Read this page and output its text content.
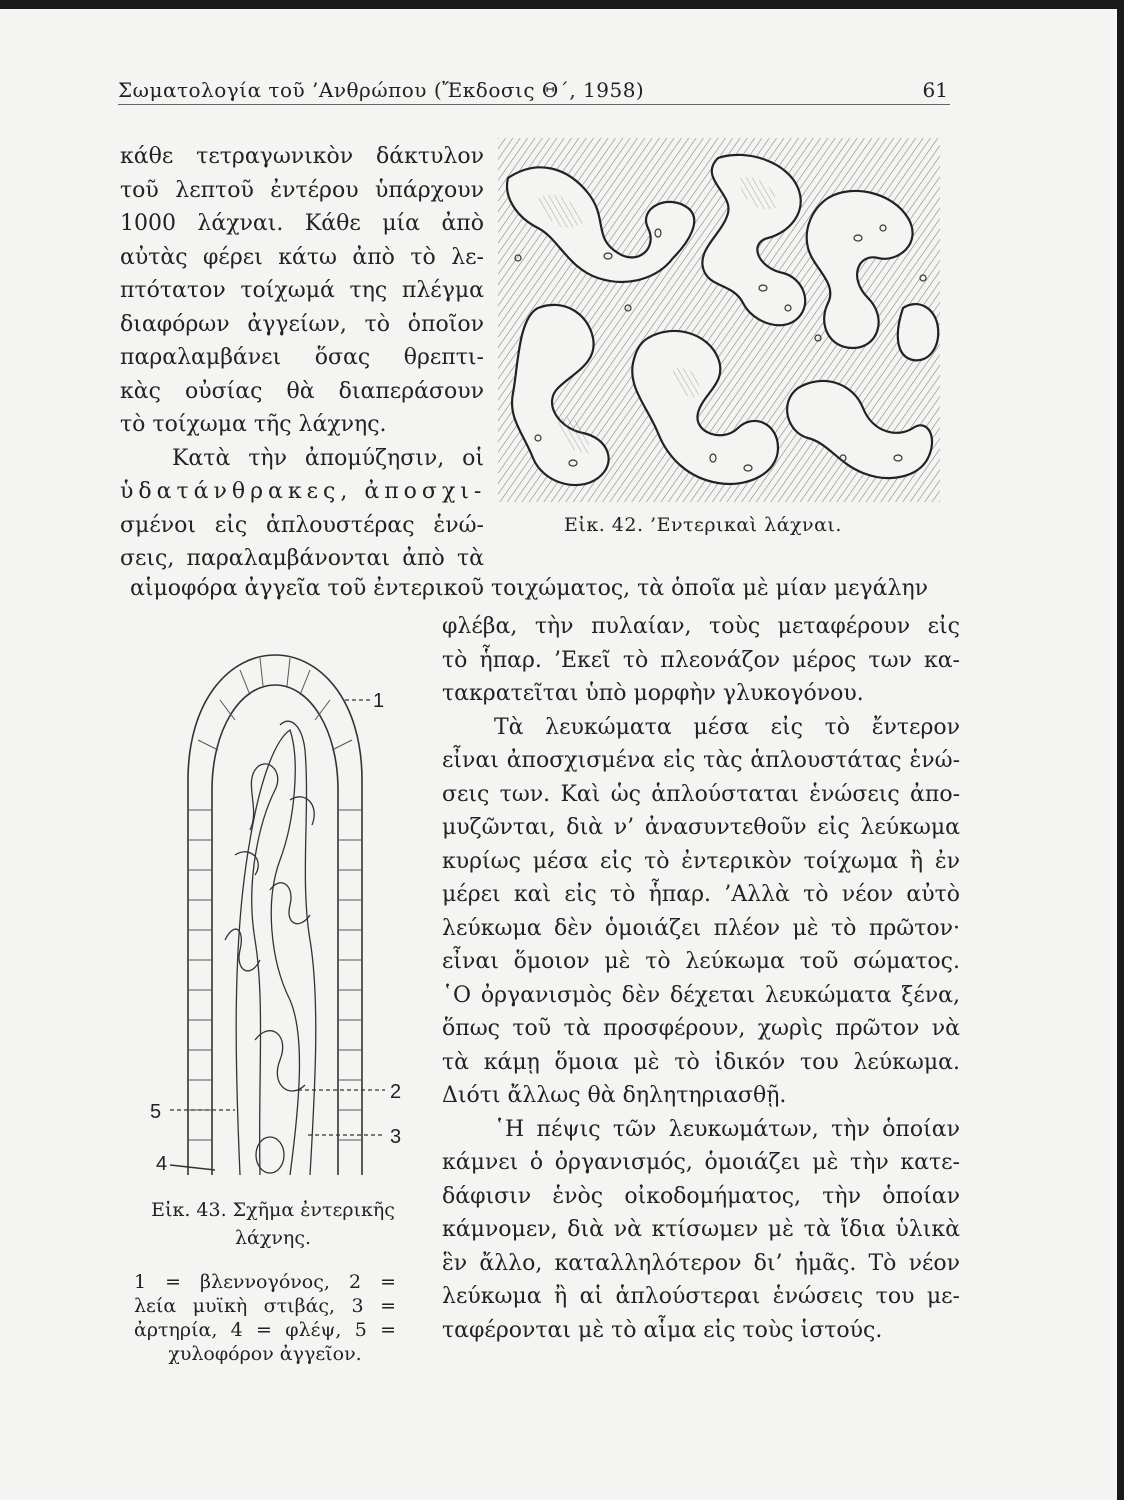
Σωματολογία τοῦ ’Ανθρώπου (Ἔκδοσις Θ΄, 1958)	61
κάθε τετραγωνικὸν δάκτυλον
τοῦ λεπτοῦ ἐντέρου ὑπάρχουν
1000 λάχναι. Κάθε μία ἀπὸ
αὐτὰς φέρει κάτω ἀπὸ τὸ λε-
πτότατον τοίχωμά της πλέγμα
διαφόρων ἀγγείων, τὸ ὁποῖον
παραλαμβάνει ὅσας θρεπτι-
κὰς οὐσίας θὰ διαπεράσουν
τὸ τοίχωμα τῆς λάχνης.
Κατὰ τὴν ἀπομύζησιν, οἱ
ὑδατάνθρακες, ἀποσχι-
σμένοι εἰς ἁπλουστέρας ἑνώ-
σεις, παραλαμβάνονται ἀπὸ τὰ
αἱμοφόρα ἀγγεῖα τοῦ ἐντερικοῦ τοιχώματος, τὰ ὁποῖα μὲ μίαν μεγάλην
φλέβα, τὴν πυλαίαν, τοὺς μεταφέρουν εἰς
τὸ ἧπαρ. ’Εκεῖ τὸ πλεονάζον μέρος των κα-
τακρατεῖται ὑπὸ μορφὴν γλυκογόνου.
Τὰ λευκώματα μέσα εἰς τὸ ἔντερον
εἶναι ἀποσχισμένα εἰς τὰς ἁπλουστάτας ἑνώ-
σεις των. Καὶ ὡς ἁπλούσταται ἑνώσεις ἀπο-
μυζῶνται, διὰ ν’ ἀνασυντεθοῦν εἰς λεύκωμα
κυρίως μέσα εἰς τὸ ἐντερικὸν τοίχωμα ἢ ἐν
μέρει καὶ εἰς τὸ ἧπαρ. ’Αλλὰ τὸ νέον αὐτὸ
λεύκωμα δὲν ὁμοιάζει πλέον μὲ τὸ πρῶτον·
εἶναι ὅμοιον μὲ τὸ λεύκωμα τοῦ σώματος.
῾Ο ὀργανισμὸς δὲν δέχεται λευκώματα ξένα,
ὅπως τοῦ τὰ προσφέρουν, χωρὶς πρῶτον νὰ
τὰ κάμῃ ὅμοια μὲ τὸ ἰδικόν του λεύκωμα.
Διότι ἄλλως θὰ δηλητηριασθῇ.
῾Η πέψις τῶν λευκωμάτων, τὴν ὁποίαν
κάμνει ὁ ὀργανισμός, ὁμοιάζει μὲ τὴν κατε-
δάφισιν ἑνὸς οἰκοδομήματος, τὴν ὁποίαν
κάμνομεν, διὰ νὰ κτίσωμεν μὲ τὰ ἴδια ὑλικὰ
ἓν ἄλλο, καταλληλότερον δι’ ἡμᾶς. Τὸ νέον
λεύκωμα ἢ αἱ ἁπλούστεραι ἑνώσεις του με-
ταφέρονται μὲ τὸ αἷμα εἰς τοὺς ἱστούς.
Εἰκ. 42. ’Εντερικαὶ λάχναι.
1
2
3
4
5
Εἰκ. 43. Σχῆμα ἐντερικῆς λάχνης.
1 = βλεννογόνος, 2 =
λεία μυϊκὴ στιβάς, 3 =
ἀρτηρία, 4 = φλέψ, 5 =
χυλοφόρον ἀγγεῖον.
